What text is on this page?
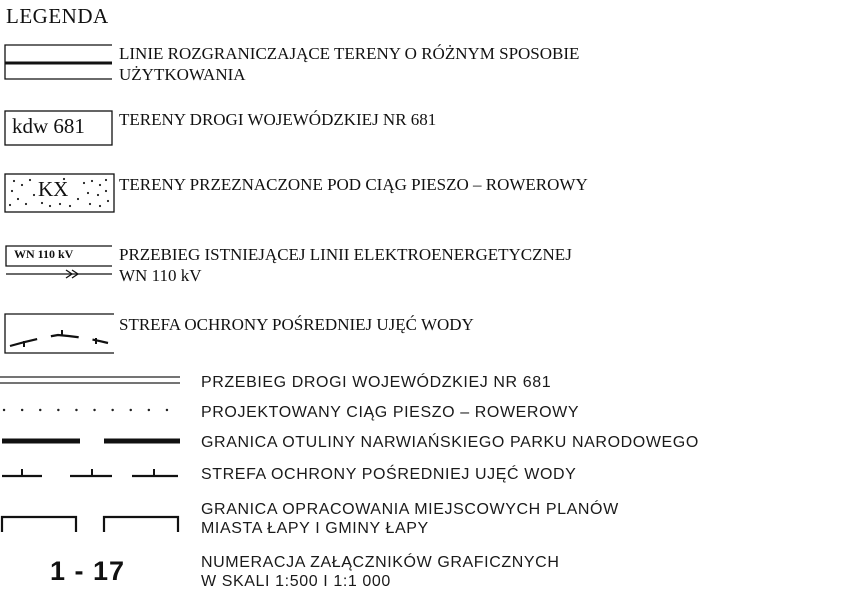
LEGENDA
LINIE ROZGRANICZAJĄCE TERENY O RÓŻNYM SPOSOBIE
UŻYTKOWANIA
kdw 681 TERENY DROGI WOJEWÓDZKIEJ NR 681
KX	TERENY PRZEZNACZONE POD CIĄG PIESZO – ROWEROWY
WN 110 kV	PRZEBIEG ISTNIEJĄCEJ LINII ELEKTROENERGETYCZNEJ
WN 110 kV
STREFA OCHRONY POŚREDNIEJ UJĘĆ WODY
PRZEBIEG DROGI WOJEWÓDZKIEJ NR 681
PROJEKTOWANY CIĄG PIESZO – ROWEROWY
GRANICA OTULINY NARWIAŃSKIEGO PARKU NARODOWEGO
STREFA OCHRONY POŚREDNIEJ UJĘĆ WODY
GRANICA OPRACOWANIA MIEJSCOWYCH PLANÓW
MIASTA ŁAPY I GMINY ŁAPY
1 - 17	NUMERACJA ZAŁĄCZNIKÓW GRAFICZNYCH
W SKALI 1:500 I 1:1 000
